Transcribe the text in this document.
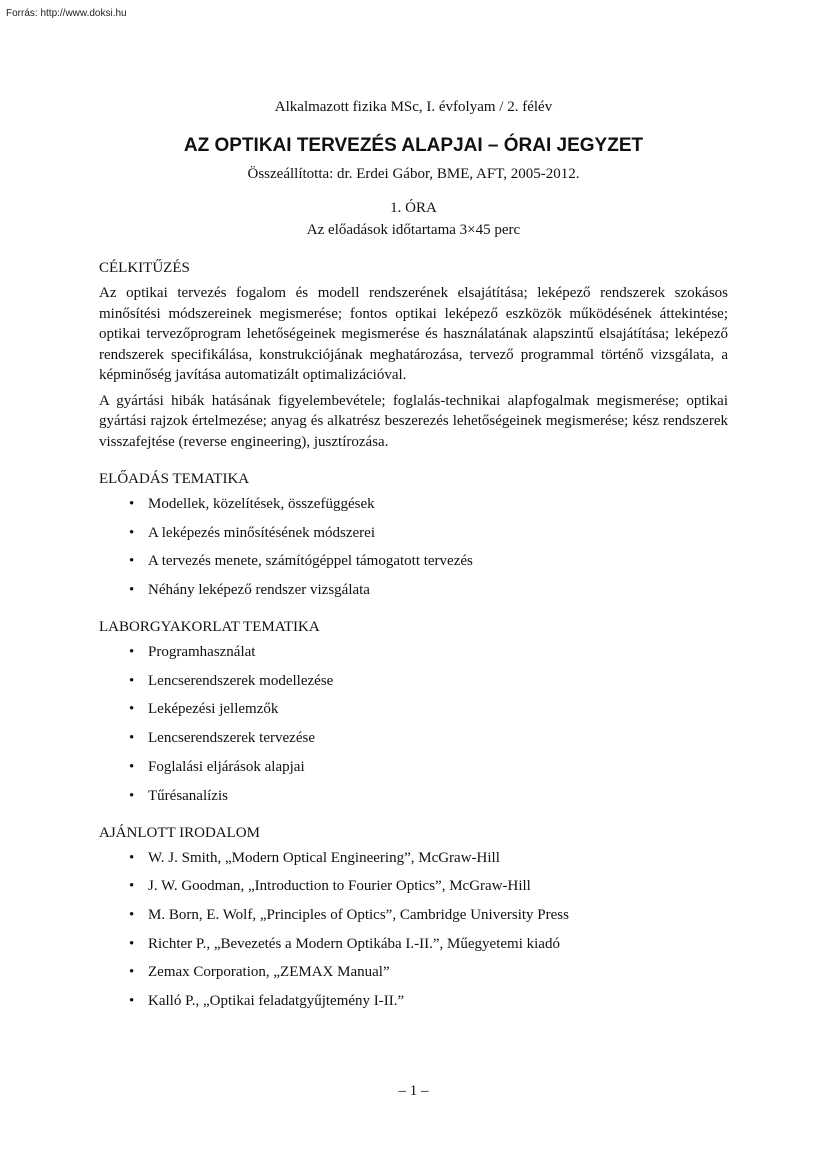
Forrás: http://www.doksi.hu
Alkalmazott fizika MSc, I. évfolyam / 2. félév
AZ OPTIKAI TERVEZÉS ALAPJAI – ÓRAI JEGYZET
Összeállította: dr. Erdei Gábor, BME, AFT, 2005-2012.
1. ÓRA
Az előadások időtartama 3×45 perc
CÉLKITŰZÉS

Az optikai tervezés fogalom és modell rendszerének elsajátítása; leképező rendszerek szokásos minősítési módszereinek megismerése; fontos optikai leképező eszközök működésének áttekintése; optikai tervezőprogram lehetőségeinek megismerése és használatának alapszintű elsajátítása; leképező rendszerek specifikálása, konstrukciójának meghatározása, tervező programmal történő vizsgálata, a képminőség javítása automatizált optimalizációval.

A gyártási hibák hatásának figyelembevétele; foglalás-technikai alapfogalmak megismerése; optikai gyártási rajzok értelmezése; anyag és alkatrész beszerezés lehetőségeinek megismerése; kész rendszerek visszafejtése (reverse engineering), jusztírozása.

ELŐADÁS TEMATIKA
• Modellek, közelítések, összefüggések
• A leképezés minősítésének módszerei
• A tervezés menete, számítógéppel támogatott tervezés
• Néhány leképező rendszer vizsgálata
LABORGYAKORLAT TEMATIKA
• Programhasználat
• Lencserendszerek modellezése
• Leképezési jellemzők
• Lencserendszerek tervezése
• Foglalási eljárások alapjai
• Tűrésanalízis
AJÁNLOTT IRODALOM
• W. J. Smith, „Modern Optical Engineering”, McGraw-Hill
• J. W. Goodman, „Introduction to Fourier Optics”, McGraw-Hill
• M. Born, E. Wolf, „Principles of Optics”, Cambridge University Press
• Richter P., „Bevezetés a Modern Optikába I.-II.”, Műegyetemi kiadó
• Zemax Corporation, „ZEMAX Manual”
• Kalló P., „Optikai feladatgyűjtemény I-II.”
– 1 –
